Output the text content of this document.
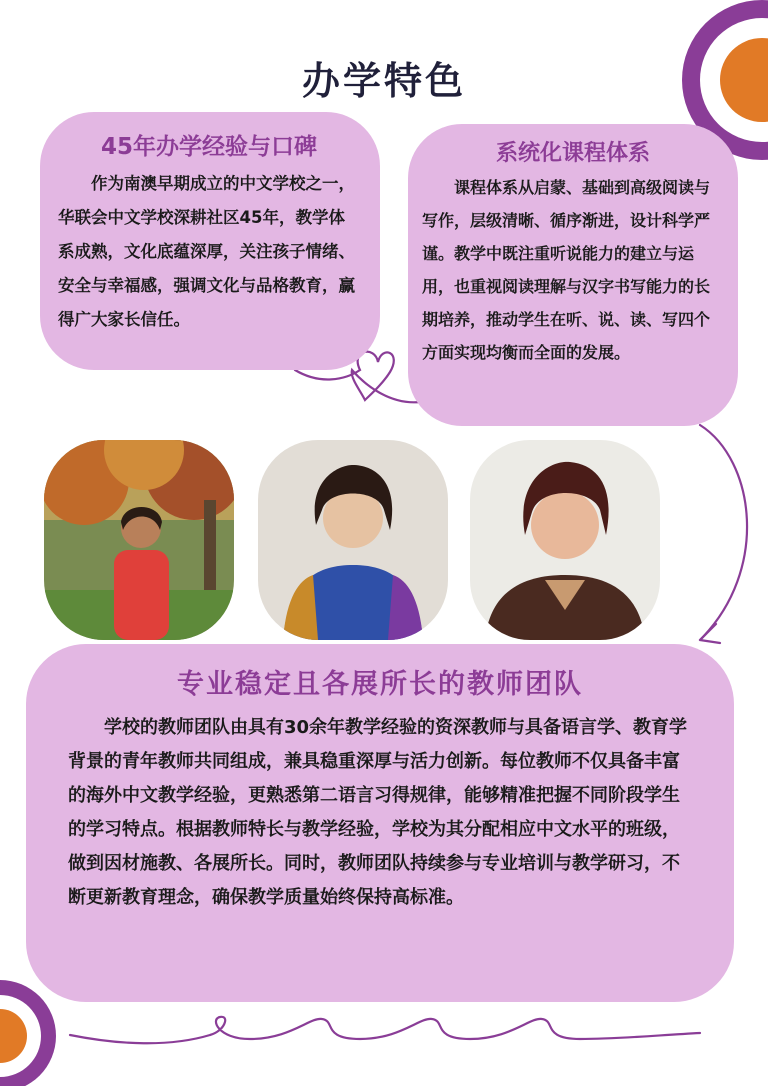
办学特色
45年办学经验与口碑

作为南澳早期成立的中文学校之一，华联会中文学校深耕社区45年，教学体系成熟，文化底蕴深厚，关注孩子情绪、安全与幸福感，强调文化与品格教育，赢得广大家长信任。

系统化课程体系

课程体系从启蒙、基础到高级阅读与写作，层级清晰、循序渐进，设计科学严谨。教学中既注重听说能力的建立与运用，也重视阅读理解与汉字书写能力的长期培养，推动学生在听、说、读、写四个方面实现均衡而全面的发展。

专业稳定且各展所长的教师团队

学校的教师团队由具有30余年教学经验的资深教师与具备语言学、教育学背景的青年教师共同组成，兼具稳重深厚与活力创新。每位教师不仅具备丰富的海外中文教学经验，更熟悉第二语言习得规律，能够精准把握不同阶段学生的学习特点。根据教师特长与教学经验，学校为其分配相应中文水平的班级，做到因材施教、各展所长。同时，教师团队持续参与专业培训与教学研习，不断更新教育理念，确保教学质量始终保持高标准。
